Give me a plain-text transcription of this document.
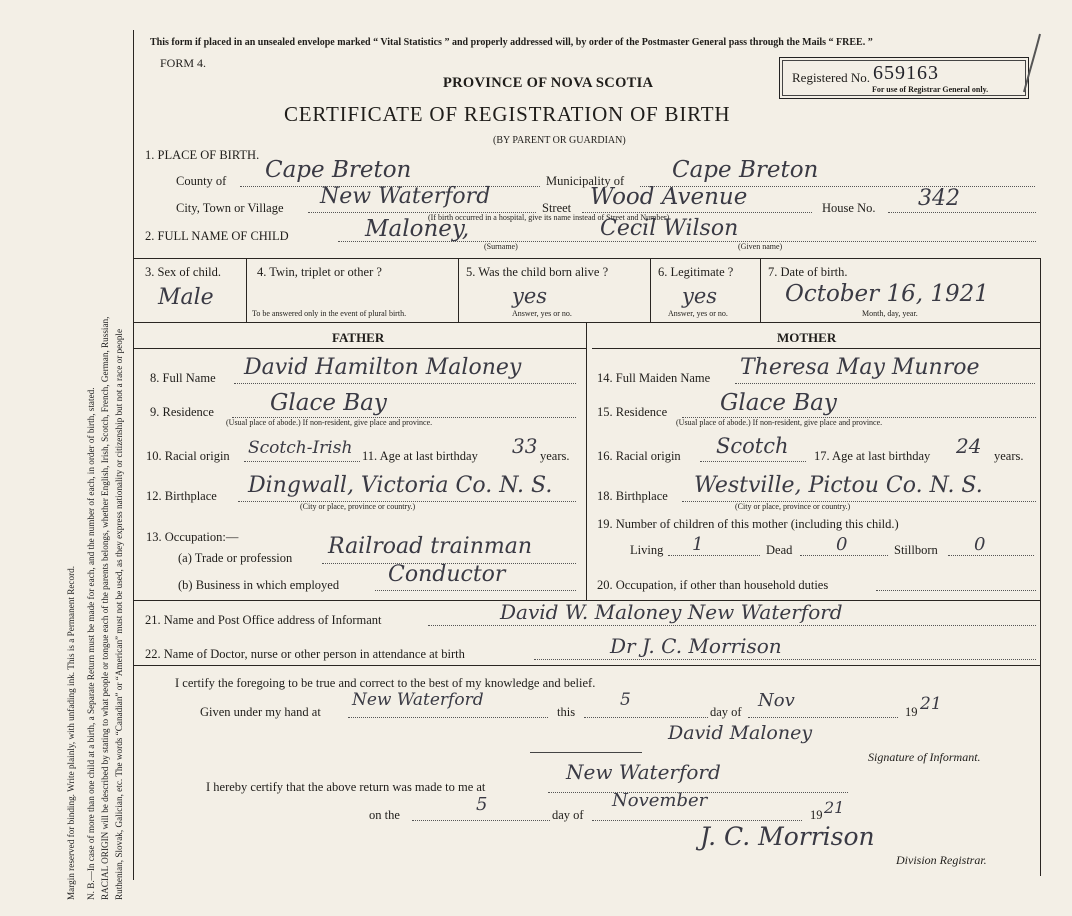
Margin reserved for binding. Write plainly, with unfading ink. This is a Permanent Record. N. B.—In case of more than one child at a birth, a Separate Return must be made for each, and the number of each, in order of birth, stated. RACIAL ORIGIN will be described by stating to what people or tongue each of the parents belongs, whether English, Irish, Scotch, French, German, Russian, Ruthenian, Slovak, Galician, etc. The words “Canadian” or “American” must not be used, as they express nationality or citizenship but not a race or people
This form if placed in an unsealed envelope marked “ Vital Statistics ” and properly addressed will, by order of the Postmaster General pass through the Mails “ FREE. ”
FORM 4.
PROVINCE OF NOVA SCOTIA
CERTIFICATE OF REGISTRATION OF BIRTH
(BY PARENT OR GUARDIAN)
Registered No. 659163
For use of Registrar General only.
1. PLACE OF BIRTH.
County of Cape Breton	Municipality of Cape Breton
City, Town or Village New Waterford	Street Wood Avenue	House No. 342
(If birth occurred in a hospital, give its name instead of Street and Number)
2. FULL NAME OF CHILD	Maloney,	Cecil Wilson
(Surname)	(Given name)
3. Sex of child.
Male
4. Twin, triplet or other ?
To be answered only in the event of plural birth.
5. Was the child born alive ?
yes
Answer, yes or no.
6. Legitimate ?
yes
Answer, yes or no.
7. Date of birth.
October 16, 1921
Month, day, year.
FATHER	MOTHER
8. Full Name David Hamilton Maloney
9. Residence Glace Bay
(Usual place of abode.) If non-resident, give place and province.
10. Racial origin Scotch-Irish 11. Age at last birthday 33 years.
12. Birthplace Dingwall, Victoria Co. N. S.
(City or place, province or country.)
13. Occupation:—
(a) Trade or profession Railroad trainman
(b) Business in which employed Conductor
14. Full Maiden Name Theresa May Munroe
15. Residence Glace Bay
(Usual place of abode.) If non-resident, give place and province.
16. Racial origin Scotch 17. Age at last birthday 24 years.
18. Birthplace Westville, Pictou Co. N. S.
(City or place, province or country.)
19. Number of children of this mother (including this child.)
Living 1	Dead 0	Stillborn 0
20. Occupation, if other than household duties
21. Name and Post Office address of Informant	David W. Maloney New Waterford
22. Name of Doctor, nurse or other person in attendance at birth	Dr J. C. Morrison
I certify the foregoing to be true and correct to the best of my knowledge and belief.
Given under my hand at
New Waterford
this
5
day of
Nov
19 21
David Maloney
Signature of Informant.
I hereby certify that the above return was made to me at
New Waterford
on the	5	day of
November
19 21
J. C. Morrison
Division Registrar.
